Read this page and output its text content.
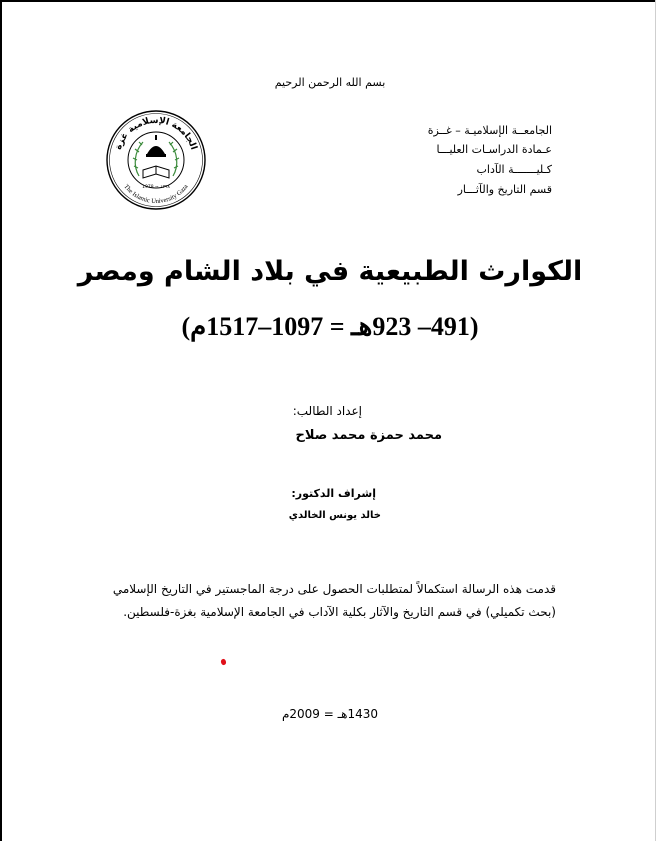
بسم الله الرحمن الرحيم
الجامعــة الإسلاميـة – غــزة
عـمادة الدراسـات العليـــا
كـليـــــــة الآداب
قسم التاريخ والآثـــار
الجامعة الإسلامية غزة
The Islamic University Gaza
1978 ~ ١٣٩٨
الكوارث الطبيعية في بلاد الشام ومصر
(491– 923هـ = 1097–1517م)
إعداد الطالب:
محمد حمزة محمد صلاح
إشراف الدكتور:
خالد يونس الخالدي
قدمت هذه الرسالة استكمالاً لمتطلبات الحصول على درجة الماجستير في التاريخ الإسلامي
(بحث تكميلي) في قسم التاريخ والآثار بكلية الآداب في الجامعة الإسلامية بغزة-فلسطين.
1430هـ = 2009م
